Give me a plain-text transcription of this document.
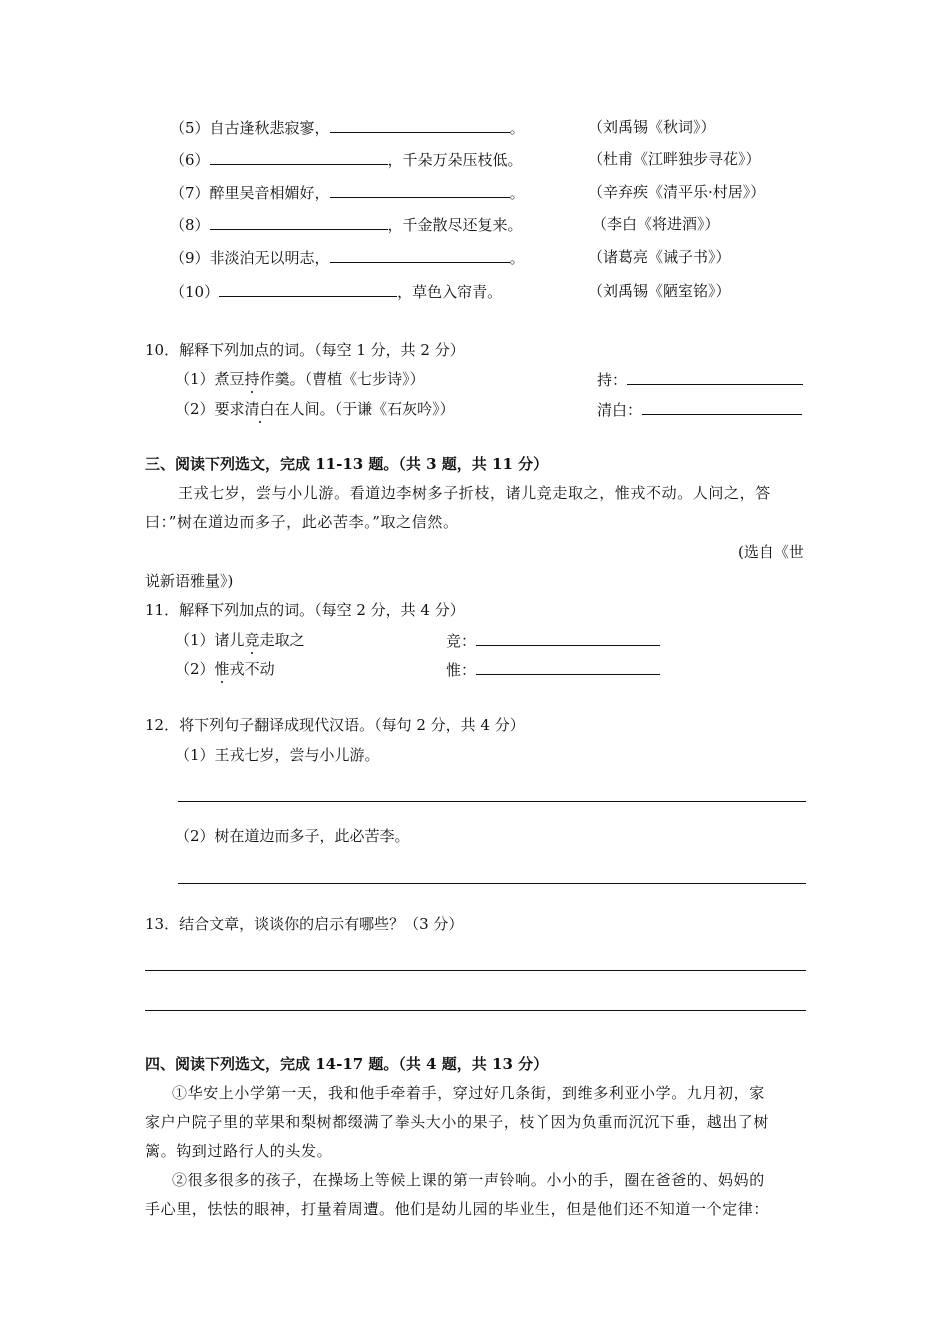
（5）自古逢秋悲寂寥，	。	（刘禹锡《秋词》）
（6）	，千朵万朵压枝低。	（杜甫《江畔独步寻花》）
（7）醉里吴音相媚好，	。	（辛弃疾《清平乐·村居》）
（8）	，千金散尽还复来。	（李白《将进酒》）
（9）非淡泊无以明志，	。	（诸葛亮《诫子书》）
（10）	，草色入帘青。	（刘禹锡《陋室铭》）
10．解释下列加点的词。（每空 1 分，共 2 分）
（1）煮豆持作羹。（曹植《七步诗》）	持：
（2）要求清白在人间。（于谦《石灰吟》）	清白：
三、阅读下列选文，完成 11-13 题。（共 3 题，共 11 分）
王戎七岁，尝与小儿游。看道边李树多子折枝，诸儿竞走取之，惟戎不动。人问之，答
曰：”树在道边而多子，此必苦李。”取之信然。
(选自《世
说新语雅量》)
11．解释下列加点的词。（每空 2 分，共 4 分）
（1）诸儿竞走取之	竞：
（2）惟戎不动	惟：
12．将下列句子翻译成现代汉语。（每句 2 分，共 4 分）
（1）王戎七岁，尝与小儿游。
（2）树在道边而多子，此必苦李。
13．结合文章，谈谈你的启示有哪些？（3 分）
四、阅读下列选文，完成 14-17 题。（共 4 题，共 13 分）
①华安上小学第一天，我和他手牵着手，穿过好几条街，到维多利亚小学。九月初，家
家户户院子里的苹果和梨树都缀满了拳头大小的果子，枝丫因为负重而沉沉下垂，越出了树
篱。钩到过路行人的头发。
②很多很多的孩子，在操场上等候上课的第一声铃响。小小的手，圈在爸爸的、妈妈的
手心里，怯怯的眼神，打量着周遭。他们是幼儿园的毕业生，但是他们还不知道一个定律：
